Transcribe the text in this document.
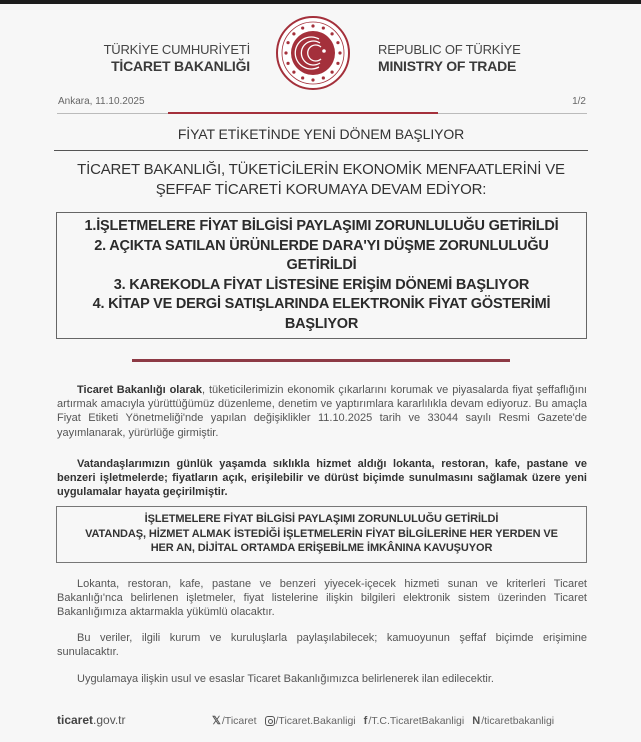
TÜRKİYE CUMHURİYETİ
TİCARET BAKANLIĞI
REPUBLIC OF TÜRKİYE
MINISTRY OF TRADE
Ankara, 11.10.2025	1/2
FİYAT ETİKETİNDE YENİ DÖNEM BAŞLIYOR
TİCARET BAKANLIĞI, TÜKETİCİLERİN EKONOMİK MENFAATLERİNİ VE
ŞEFFAF TİCARETİ KORUMAYA DEVAM EDİYOR:
1.İŞLETMELERE FİYAT BİLGİSİ PAYLAŞIMI ZORUNLULUĞU GETİRİLDİ
2. AÇIKTA SATILAN ÜRÜNLERDE DARA'YI DÜŞME ZORUNLULUĞU
GETİRİLDİ
3. KAREKODLA FİYAT LİSTESİNE ERİŞİM DÖNEMİ BAŞLIYOR
4. KİTAP VE DERGİ SATIŞLARINDA ELEKTRONİK FİYAT GÖSTERİMİ
BAŞLIYOR
Ticaret Bakanlığı olarak, tüketicilerimizin ekonomik çıkarlarını korumak ve piyasalarda fiyat şeffaflığını artırmak amacıyla yürüttüğümüz düzenleme, denetim ve yaptırımlara kararlılıkla devam ediyoruz. Bu amaçla Fiyat Etiketi Yönetmeliği'nde yapılan değişiklikler 11.10.2025 tarih ve 33044 sayılı Resmi Gazete'de yayımlanarak, yürürlüğe girmiştir.
Vatandaşlarımızın günlük yaşamda sıklıkla hizmet aldığı lokanta, restoran, kafe, pastane ve benzeri işletmelerde; fiyatların açık, erişilebilir ve dürüst biçimde sunulmasını sağlamak üzere yeni uygulamalar hayata geçirilmiştir.
İŞLETMELERE FİYAT BİLGİSİ PAYLAŞIMI ZORUNLULUĞU GETİRİLDİ
VATANDAŞ, HİZMET ALMAK İSTEDİĞİ İŞLETMELERİN FİYAT BİLGİLERİNE HER YERDEN VE
HER AN, DİJİTAL ORTAMDA ERİŞEBİLME İMKÂNINA KAVUŞUYOR
Lokanta, restoran, kafe, pastane ve benzeri yiyecek-içecek hizmeti sunan ve kriterleri Ticaret Bakanlığı'nca belirlenen işletmeler, fiyat listelerine ilişkin bilgileri elektronik sistem üzerinden Ticaret Bakanlığımıza aktarmakla yükümlü olacaktır.
Bu veriler, ilgili kurum ve kuruluşlarla paylaşılabilecek; kamuoyunun şeffaf biçimde erişimine sunulacaktır.
Uygulamaya ilişkin usul ve esaslar Ticaret Bakanlığımızca belirlenerek ilan edilecektir.
ticaret.gov.tr	𝕏 /Ticaret /Ticaret.Bakanligi f /T.C.TicaretBakanligi N /ticaretbakanligi
